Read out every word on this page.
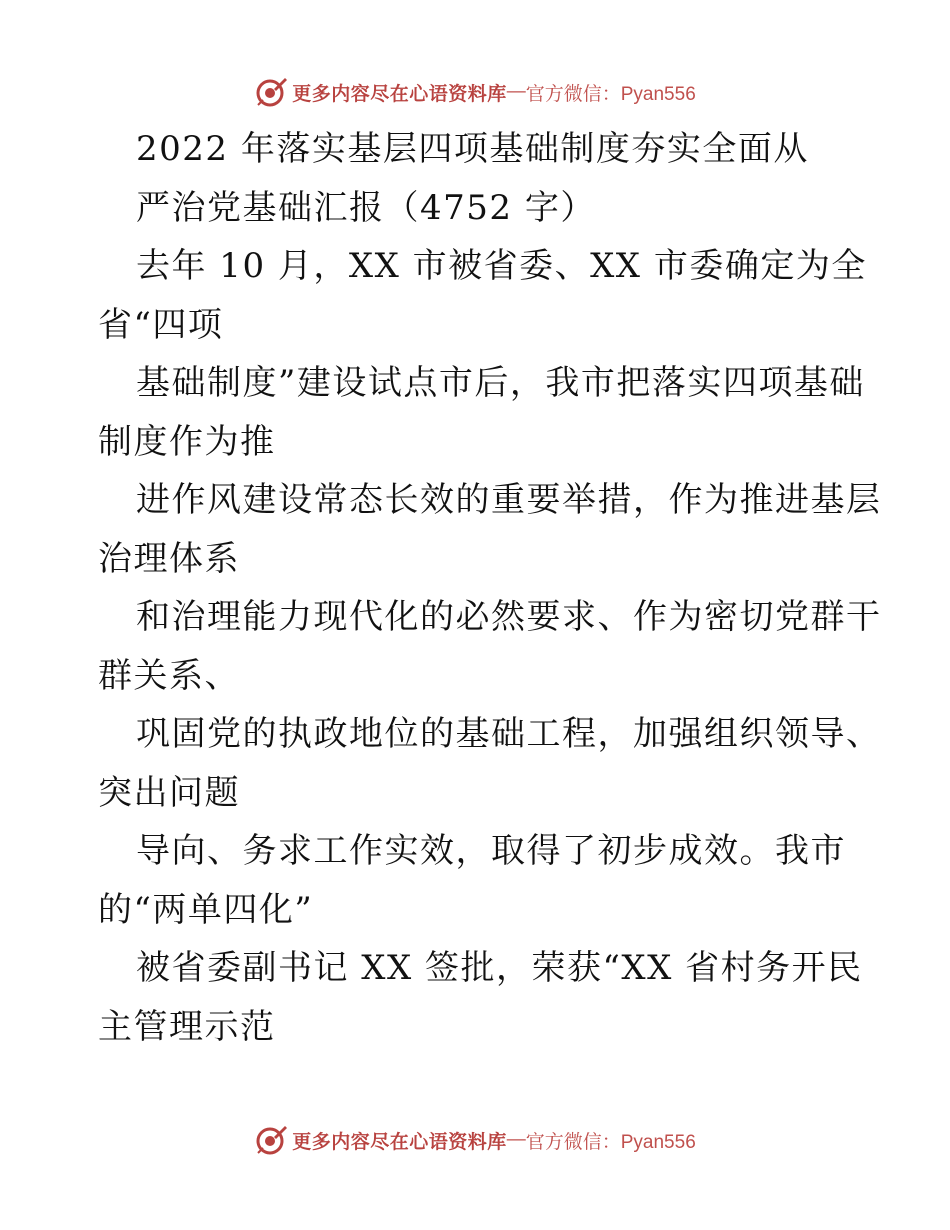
更多内容尽在心语资料库 — 官方微信：Pyan556
2022 年落实基层四项基础制度夯实全面从
严治党基础汇报（4752 字）
去年 10 月，XX 市被省委、XX 市委确定为全
省“四项
基础制度”建设试点市后，我市把落实四项基础
制度作为推
进作风建设常态长效的重要举措，作为推进基层
治理体系
和治理能力现代化的必然要求、作为密切党群干
群关系、
巩固党的执政地位的基础工程，加强组织领导、
突出问题
导向、务求工作实效，取得了初步成效。我市
的“两单四化”
被省委副书记 XX 签批，荣获“XX 省村务开民
主管理示范
更多内容尽在心语资料库 — 官方微信：Pyan556
